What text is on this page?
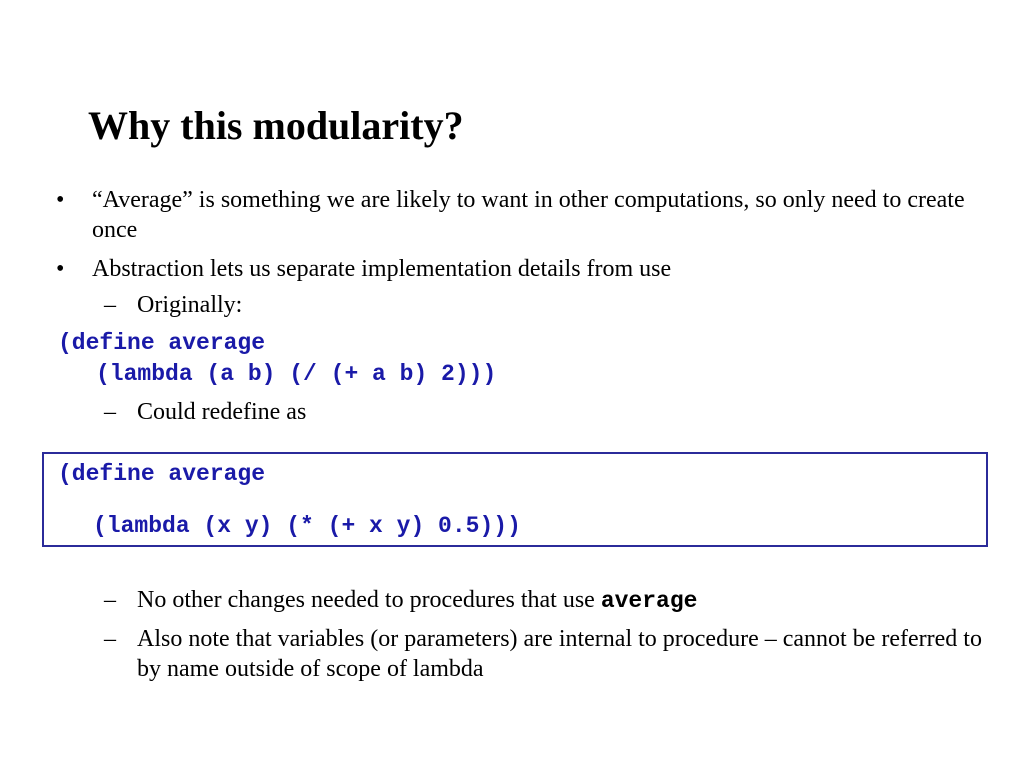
Why this modularity?
• “Average” is something we are likely to want in other computations, so only need to create once
• Abstraction lets us separate implementation details from use
– Originally:
(define average
(lambda (a b) (/ (+ a b) 2)))
– Could redefine as
(define average
(lambda (x y) (* (+ x y) 0.5)))
– No other changes needed to procedures that use average
– Also note that variables (or parameters) are internal to procedure – cannot be referred to by name outside of scope of lambda
